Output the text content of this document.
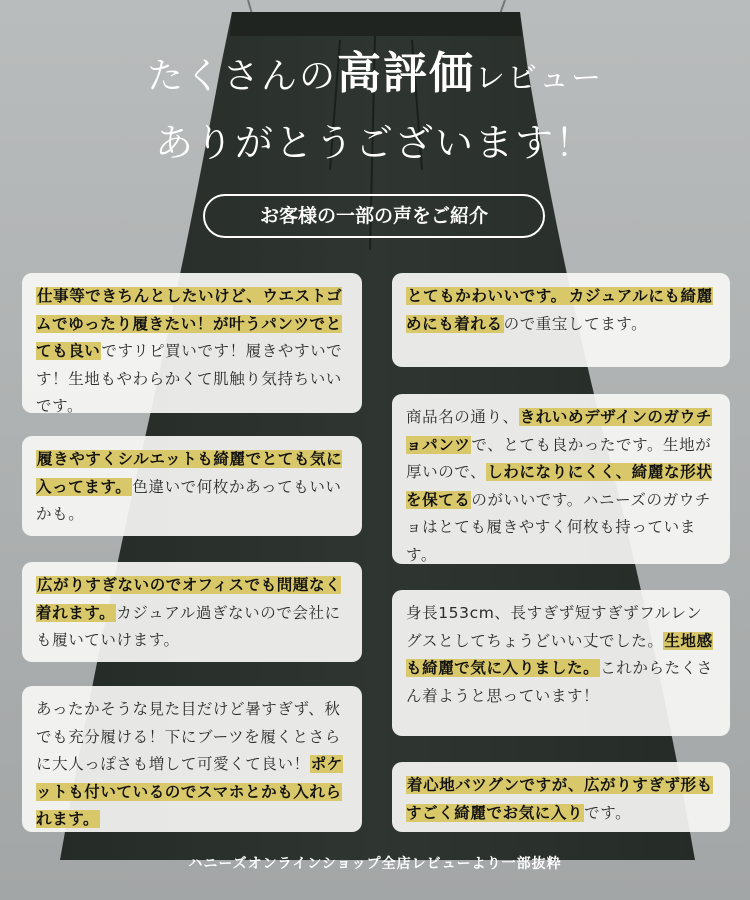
たくさんの高評価レビュー
ありがとうございます！
お客様の一部の声をご紹介
仕事等できちんとしたいけど、ウエストゴムでゆったり履きたい！が叶うパンツでとても良いですリピ買いです！履きやすいです！生地もやわらかくて肌触り気持ちいいです。
履きやすくシルエットも綺麗でとても気に入ってます。色違いで何枚かあってもいいかも。
広がりすぎないのでオフィスでも問題なく着れます。カジュアル過ぎないので会社にも履いていけます。
あったかそうな見た目だけど暑すぎず、秋でも充分履ける！下にブーツを履くとさらに大人っぽさも増して可愛くて良い！ポケットも付いているのでスマホとかも入れられます。
とてもかわいいです。 カジュアルにも綺麗めにも着れるので重宝してます。
商品名の通り、きれいめデザインのガウチョパンツで、とても良かったです。生地が厚いので、しわになりにくく、綺麗な形状を保てるのがいいです。ハニーズのガウチョはとても履きやすく何枚も持っています。
身長153cm、長すぎず短すぎずフルレングスとしてちょうどいい丈でした。生地感も綺麗で気に入りました。これからたくさん着ようと思っています！
着心地バツグンですが、広がりすぎず形もすごく綺麗でお気に入りです。
ハニーズオンラインショップ全店レビューより一部抜粋
